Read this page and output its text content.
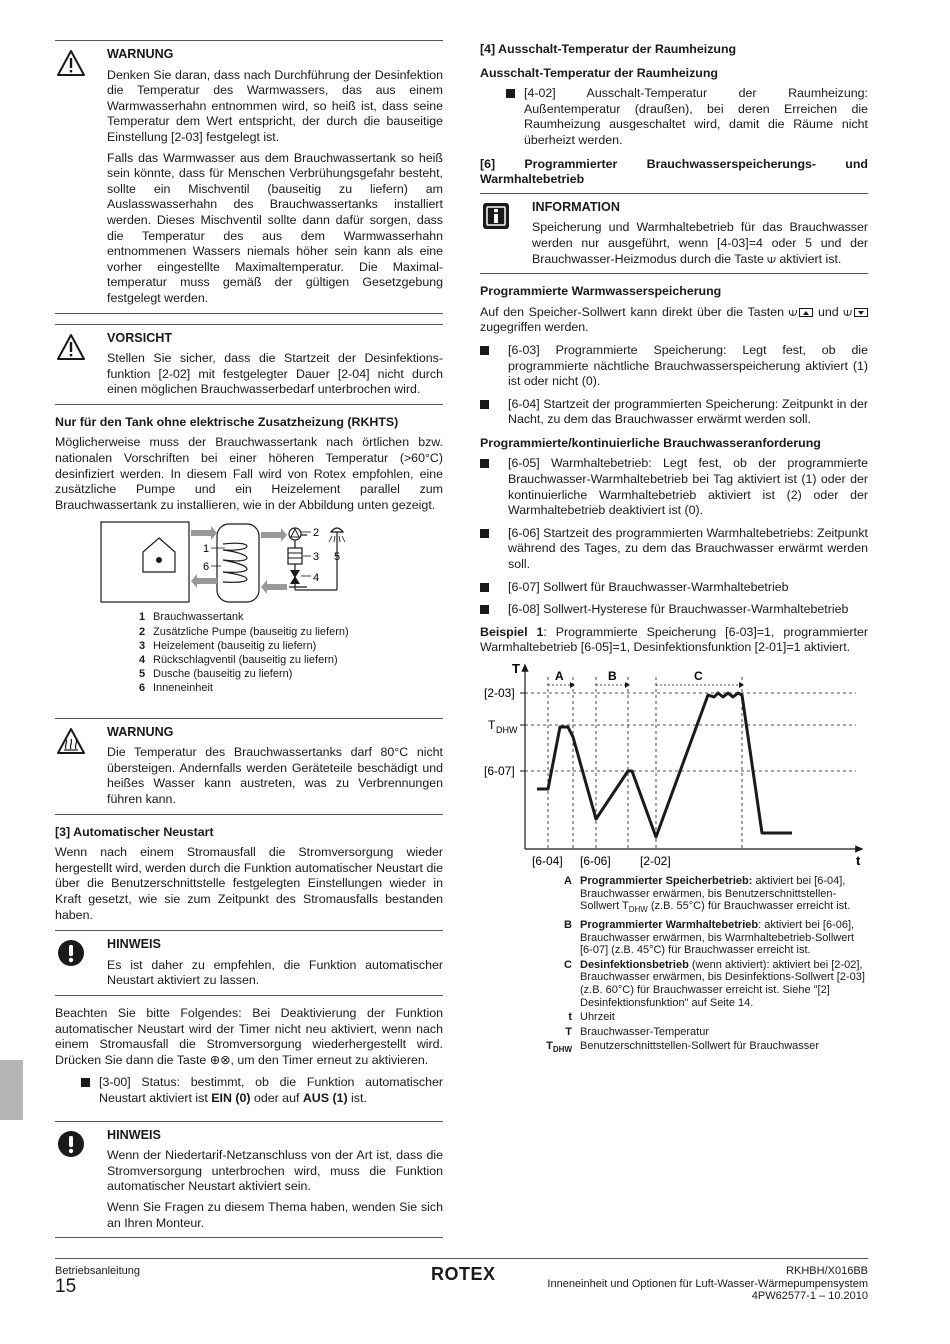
WARNUNG

Denken Sie daran, dass nach Durchführung der Desinfektion die Temperatur des Warmwassers, das aus einem Warmwasserhahn entnommen wird, so heiß ist, dass seine Temperatur dem Wert entspricht, der durch die bauseitige Einstellung [2-03] festgelegt ist.

Falls das Warmwasser aus dem Brauchwassertank so heiß sein könnte, dass für Menschen Verbrühungsgefahr besteht, sollte ein Mischventil (bauseitig zu liefern) am Auslasswasserhahn des Brauchwassertanks installiert werden. Dieses Mischventil sollte dann dafür sorgen, dass die Temperatur des aus dem Warmwasserhahn entnommenen Wassers niemals höher sein kann als eine vorher eingestellte Maximaltemperatur. Die Maximal-temperatur muss gemäß der gültigen Gesetzgebung festgelegt werden.

VORSICHT

Stellen Sie sicher, dass die Startzeit der Desinfektions-funktion [2-02] mit festgelegter Dauer [2-04] nicht durch einen möglichen Brauchwasserbedarf unterbrochen wird.

Nur für den Tank ohne elektrische Zusatzheizung (RKHTS)

Möglicherweise muss der Brauchwassertank nach örtlichen bzw. nationalen Vorschriften bei einer höheren Temperatur (>60°C) desinfiziert werden. In diesem Fall wird von Rotex empfohlen, eine zusätzliche Pumpe und ein Heizelement parallel zum Brauchwassertank zu installieren, wie in der Abbildung unten gezeigt.

2
3
4
5
1
6
1 Brauchwassertank
2 Zusätzliche Pumpe (bauseitig zu liefern)
3 Heizelement (bauseitig zu liefern)
4 Rückschlagventil (bauseitig zu liefern)
5 Dusche (bauseitig zu liefern)
6 Inneneinheit
WARNUNG

Die Temperatur des Brauchwassertanks darf 80°C nicht übersteigen. Andernfalls werden Geräteteile beschädigt und heißes Wasser kann austreten, was zu Verbrennungen führen kann.

[3] Automatischer Neustart

Wenn nach einem Stromausfall die Stromversorgung wieder hergestellt wird, werden durch die Funktion automatischer Neustart die über die Benutzerschnittstelle festgelegten Einstellungen wieder in Kraft gesetzt, wie sie zum Zeitpunkt des Stromausfalls bestanden haben.

HINWEIS

Es ist daher zu empfehlen, die Funktion automatischer Neustart aktiviert zu lassen.

Beachten Sie bitte Folgendes: Bei Deaktivierung der Funktion automatischer Neustart wird der Timer nicht neu aktiviert, wenn nach einem Stromausfall die Stromversorgung wiederhergestellt wird. Drücken Sie dann die Taste ⊕⊗, um den Timer erneut zu aktivieren.

[3-00] Status: bestimmt, ob die Funktion automatischer Neustart aktiviert ist EIN (0) oder auf AUS (1) ist.
HINWEIS

Wenn der Niedertarif-Netzanschluss von der Art ist, dass die Stromversorgung unterbrochen wird, muss die Funktion automatischer Neustart aktiviert sein.

Wenn Sie Fragen zu diesem Thema haben, wenden Sie sich an Ihren Monteur.

[4] Ausschalt-Temperatur der Raumheizung
Ausschalt-Temperatur der Raumheizung
[4-02] Ausschalt-Temperatur der Raumheizung: Außentemperatur (draußen), bei deren Erreichen die Raumheizung ausgeschaltet wird, damit die Räume nicht überheizt werden.
[6] Programmierter Brauchwasserspeicherungs- und Warmhaltebetrieb
INFORMATION

Speicherung und Warmhaltebetrieb für das Brauchwasser werden nur ausgeführt, wenn [4-03]=4 oder 5 und der Brauchwasser-Heizmodus durch die Taste ⟒ aktiviert ist.

Programmierte Warmwasserspeicherung

Auf den Speicher-Sollwert kann direkt über die Tasten ⟒ und ⟒ zugegriffen werden.

[6-03] Programmierte Speicherung: Legt fest, ob die programmierte nächtliche Brauchwasserspeicherung aktiviert (1) ist oder nicht (0).
[6-04] Startzeit der programmierten Speicherung: Zeitpunkt in der Nacht, zu dem das Brauchwasser erwärmt werden soll.
Programmierte/kontinuierliche Brauchwasseranforderung
[6-05] Warmhaltebetrieb: Legt fest, ob der programmierte Brauchwasser-Warmhaltebetrieb bei Tag aktiviert ist (1) oder der kontinuierliche Warmhaltebetrieb aktiviert ist (2) oder der Warmhaltebetrieb deaktiviert ist (0).
[6-06] Startzeit des programmierten Warmhaltebetriebs: Zeitpunkt während des Tages, zu dem das Brauchwasser erwärmt werden soll.
[6-07] Sollwert für Brauchwasser-Warmhaltebetrieb
[6-08] Sollwert-Hysterese für Brauchwasser-Warmhaltebetrieb

Beispiel 1: Programmierte Speicherung [6-03]=1, programmierter Warmhaltebetrieb [6-05]=1, Desinfektionsfunktion [2-01]=1 aktiviert.

T
t
A	B	C
[2-03]
T DHW
[6-07]
[6-04] [6-06] [2-02]
A Programmierter Speicherbetrieb: aktiviert bei [6-04], Brauchwasser erwärmen, bis Benutzerschnittstellen-Sollwert $T_{DHW}$ (z.B. 55°C) für Brauchwasser erreicht ist.
B Programmierter Warmhaltebetrieb: aktiviert bei [6-06], Brauchwasser erwärmen, bis Warmhaltebetrieb-Sollwert [6-07] (z.B. 45°C) für Brauchwasser erreicht ist.
C Desinfektionsbetrieb (wenn aktiviert): aktiviert bei [2-02], Brauchwasser erwärmen, bis Desinfektions-Sollwert [2-03] (z.B. 60°C) für Brauchwasser erreicht ist. Siehe "[2] Desinfektionsfunktion" auf Seite 14.
t Uhrzeit
T Brauchwasser-Temperatur
$T_{DHW}$ Benutzerschnittstellen-Sollwert für Brauchwasser
Betriebsanleitung
15
ROTEX	RKHBH/X016BB
Inneneinheit und Optionen für Luft-Wasser-Wärmepumpensystem
4PW62577-1 – 10.2010
